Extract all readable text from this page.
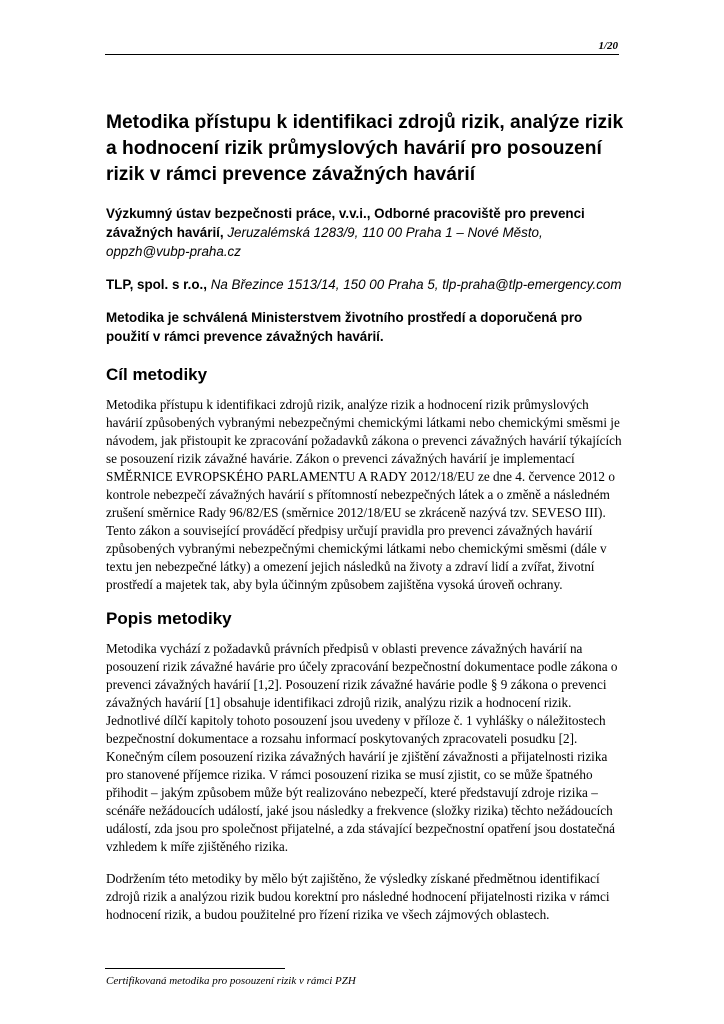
1/20
Metodika přístupu k identifikaci zdrojů rizik, analýze rizik a hodnocení rizik průmyslových havárií pro posouzení rizik v rámci prevence závažných havárií
Výzkumný ústav bezpečnosti práce, v.v.i., Odborné pracoviště pro prevenci závažných havárií, Jeruzalémská 1283/9, 110 00 Praha 1 – Nové Město, oppzh@vubp-praha.cz
TLP, spol. s r.o., Na Březince 1513/14, 150 00 Praha 5, tlp-praha@tlp-emergency.com
Metodika je schválená Ministerstvem životního prostředí a doporučená pro použití v rámci prevence závažných havárií.
Cíl metodiky

Metodika přístupu k identifikaci zdrojů rizik, analýze rizik a hodnocení rizik průmyslových havárií způsobených vybranými nebezpečnými chemickými látkami nebo chemickými směsmi je návodem, jak přistoupit ke zpracování požadavků zákona o prevenci závažných havárií týkajících se posouzení rizik závažné havárie. Zákon o prevenci závažných havárií je implementací SMĚRNICE EVROPSKÉHO PARLAMENTU A RADY 2012/18/EU ze dne 4. července 2012 o kontrole nebezpečí závažných havárií s přítomností nebezpečných látek a o změně a následném zrušení směrnice Rady 96/82/ES (směrnice 2012/18/EU se zkráceně nazývá tzv. SEVESO III). Tento zákon a související prováděcí předpisy určují pravidla pro prevenci závažných havárií způsobených vybranými nebezpečnými chemickými látkami nebo chemickými směsmi (dále v textu jen nebezpečné látky) a omezení jejich následků na životy a zdraví lidí a zvířat, životní prostředí a majetek tak, aby byla účinným způsobem zajištěna vysoká úroveň ochrany.

Popis metodiky

Metodika vychází z požadavků právních předpisů v oblasti prevence závažných havárií na posouzení rizik závažné havárie pro účely zpracování bezpečnostní dokumentace podle zákona o prevenci závažných havárií [1,2]. Posouzení rizik závažné havárie podle § 9 zákona o prevenci závažných havárií [1] obsahuje identifikaci zdrojů rizik, analýzu rizik a hodnocení rizik. Jednotlivé dílčí kapitoly tohoto posouzení jsou uvedeny v příloze č. 1 vyhlášky o náležitostech bezpečnostní dokumentace a rozsahu informací poskytovaných zpracovateli posudku [2]. Konečným cílem posouzení rizika závažných havárií je zjištění závažnosti a přijatelnosti rizika pro stanovené příjemce rizika. V rámci posouzení rizika se musí zjistit, co se může špatného přihodit – jakým způsobem může být realizováno nebezpečí, které představují zdroje rizika – scénáře nežádoucích událostí, jaké jsou následky a frekvence (složky rizika) těchto nežádoucích událostí, zda jsou pro společnost přijatelné, a zda stávající bezpečnostní opatření jsou dostatečná vzhledem k míře zjištěného rizika.

Dodržením této metodiky by mělo být zajištěno, že výsledky získané předmětnou identifikací zdrojů rizik a analýzou rizik budou korektní pro následné hodnocení přijatelnosti rizika v rámci hodnocení rizik, a budou použitelné pro řízení rizika ve všech zájmových oblastech.

Certifikovaná metodika pro posouzení rizik v rámci PZH
